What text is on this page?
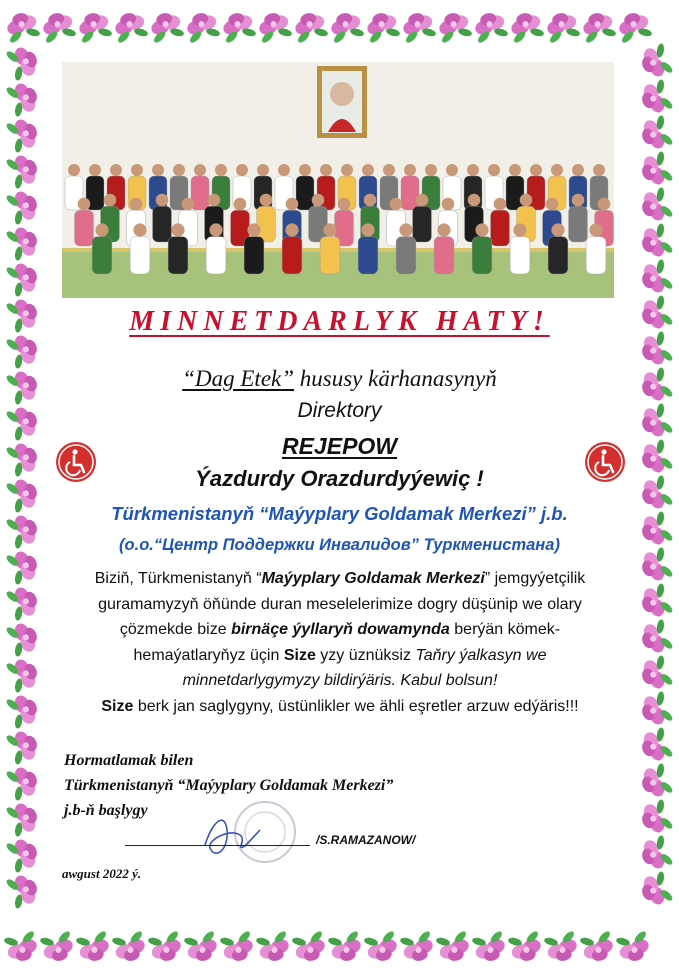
MINNETDARLYK HATY!
“Dag Etek” hususy kärhanasynyň
Direktory
REJEPOW
Ýazdurdy Orazdurdyýewiç !
Türkmenistanyň “Maýyplary Goldamak Merkezi” j.b.
(о.о.“Центр Поддержки Инвалидов” Туркменистана)
Biziň, Türkmenistanyň “Maýyplary Goldamak Merkezi” jemgyýetçilik guramamyzyň öňünde duran meselelerimize dogry düşünip we olary çözmekde bize birnäçe ýyllaryň dowamynda berýän kömek-hemaýatlaryňyz üçin Size yzy üznüksiz Taňry ýalkasyn we minnetdarlygymyzy bildirýäris. Kabul bolsun!
Size berk jan saglygyny, üstünlikler we ähli eşretler arzuw edýäris!!!
Hormatlamak bilen
Türkmenistanyň “Maýyplary Goldamak Merkezi”
j.b-ň başlygy
/S.RAMAZANOW/
awgust 2022 ý.
